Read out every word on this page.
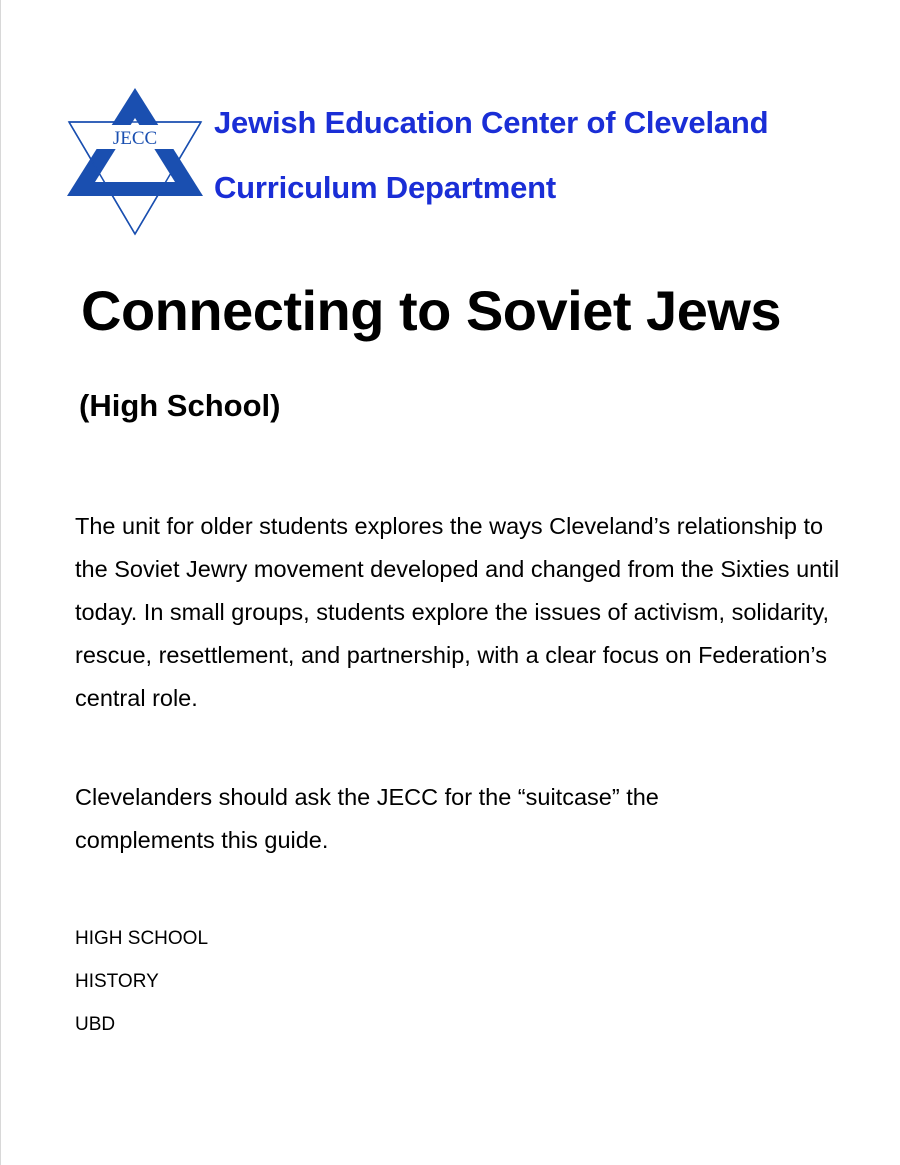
JECC Jewish Education Center of Cleveland
Curriculum Department
Connecting to Soviet Jews
(High School)

The unit for older students explores the ways Cleveland’s relationship to the Soviet Jewry movement developed and changed from the Sixties until today. In small groups, students explore the issues of activism, solidarity, rescue, resettlement, and partnership, with a clear focus on Federation’s central role.

Clevelanders should ask the JECC for the “suitcase” the complements this guide.

HIGH SCHOOL
HISTORY
UBD
